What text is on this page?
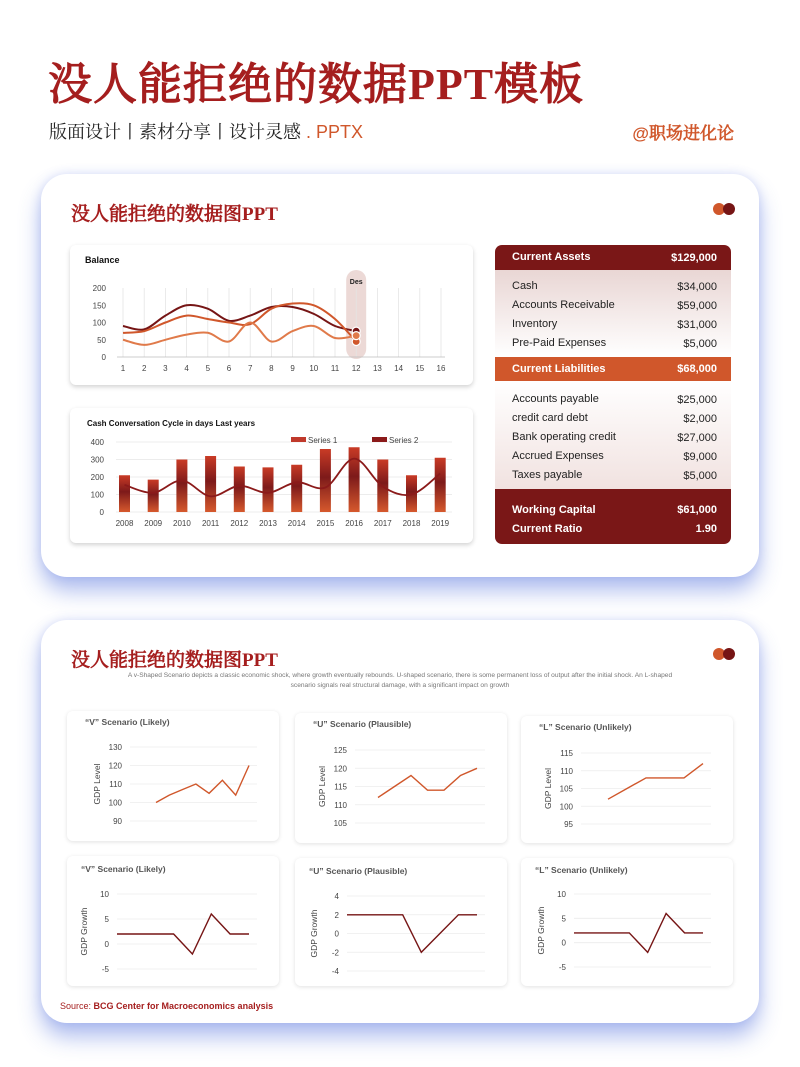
没人能拒绝的数据PPT模板
版面设计丨素材分享丨设计灵感 . PPTX	@职场进化论
没人能拒绝的数据图PPT
Balance
Des
1 2 3 4 5 6 7 8 9 10 11 12 13 14 15 16
0
50
100
150
200
Cash Conversation Cycle in days Last years
0
100
200
300
400
2008 2009 2010 2011 2012 2013 2014 2015 2016 2017 2018 2019
Series 1	Series 2
Current Assets	$129,000
Cash	$34,000
Accounts Receivable	$59,000
Inventory	$31,000
Pre-Paid Expenses	$5,000
Current Liabilities	$68,000
Accounts payable	$25,000
credit card debt	$2,000
Bank operating credit	$27,000
Accrued Expenses	$9,000
Taxes payable	$5,000
Working Capital	$61,000
Current Ratio	1.90
没人能拒绝的数据图PPT
A v-Shaped Scenario depicts a classic economic shock, where growth eventually rebounds. U-shaped scenario, there is some permanent loss of output after the initial shock. An L-shaped scenario signals real structural damage, with a significant impact on growth
“V” Scenario (Likely)
90
100
110
120
130
GDP Level
“U” Scenario (Plausible)
105
110
115
120
125
GDP Level
“L” Scenario (Unlikely)
95
100
105
110
115
GDP Level
“V” Scenario (Likely)
-5
0
5
10
GDP Growth
“U” Scenario (Plausible)
-4
-2
0
2
4
GDP Growth
“L” Scenario (Unlikely)
-5
0
5
10
GDP Growth
Source: BCG Center for Macroeconomics analysis
